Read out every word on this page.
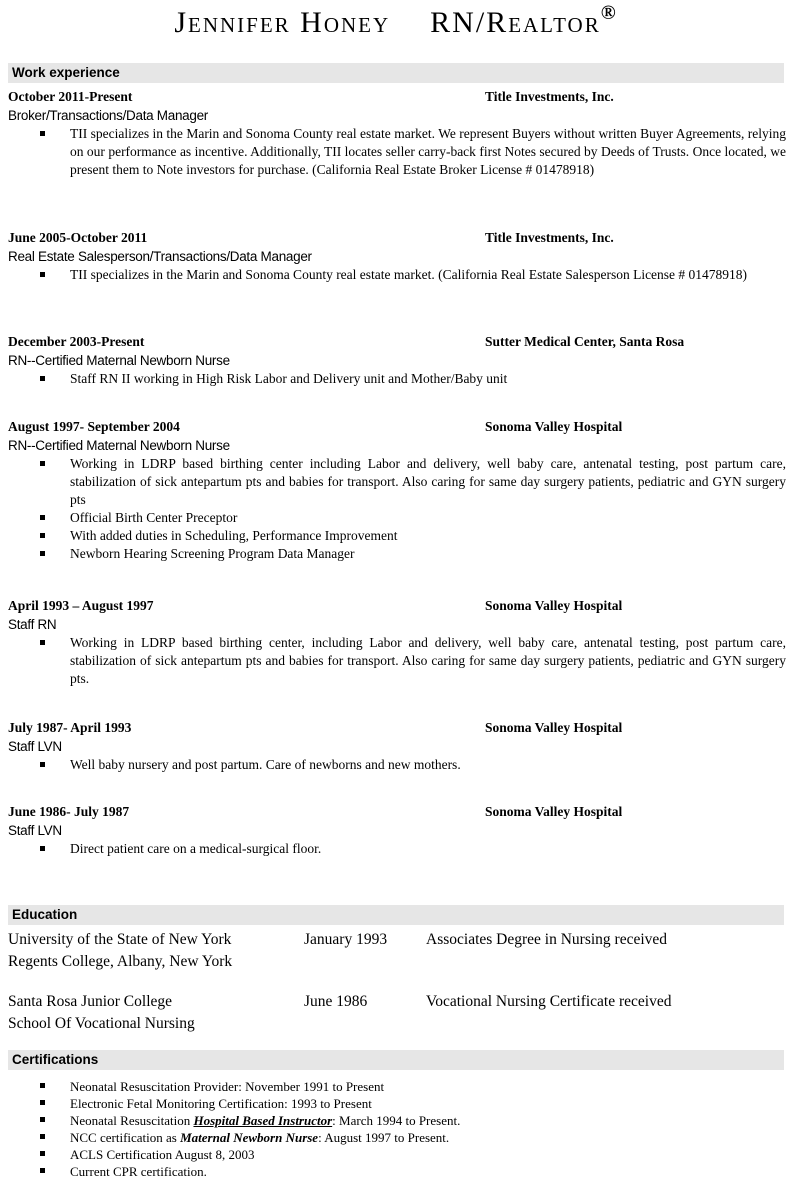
Jennifer Honey RN/Realtor®
Work experience
October 2011-Present	Title Investments, Inc.
Broker/Transactions/Data Manager
TII specializes in the Marin and Sonoma County real estate market. We represent Buyers without written Buyer Agreements, relying on our performance as incentive. Additionally, TII locates seller carry-back first Notes secured by Deeds of Trusts. Once located, we present them to Note investors for purchase. (California Real Estate Broker License # 01478918)
June 2005-October 2011	Title Investments, Inc.
Real Estate Salesperson/Transactions/Data Manager
TII specializes in the Marin and Sonoma County real estate market. (California Real Estate Salesperson License # 01478918)
December 2003-Present	Sutter Medical Center, Santa Rosa
RN--Certified Maternal Newborn Nurse
Staff RN II working in High Risk Labor and Delivery unit and Mother/Baby unit
August 1997- September 2004	Sonoma Valley Hospital
RN--Certified Maternal Newborn Nurse
Working in LDRP based birthing center including Labor and delivery, well baby care, antenatal testing, post partum care, stabilization of sick antepartum pts and babies for transport. Also caring for same day surgery patients, pediatric and GYN surgery pts
Official Birth Center Preceptor
With added duties in Scheduling, Performance Improvement
Newborn Hearing Screening Program Data Manager
April 1993 – August 1997	Sonoma Valley Hospital
Staff RN
Working in LDRP based birthing center, including Labor and delivery, well baby care, antenatal testing, post partum care, stabilization of sick antepartum pts and babies for transport. Also caring for same day surgery patients, pediatric and GYN surgery pts.
July 1987- April 1993	Sonoma Valley Hospital
Staff LVN
Well baby nursery and post partum. Care of newborns and new mothers.
June 1986- July 1987	Sonoma Valley Hospital
Staff LVN
Direct patient care on a medical-surgical floor.
Education
University of the State of New York
Regents College, Albany, New York
January 1993	Associates Degree in Nursing received
Santa Rosa Junior College
School Of Vocational Nursing
June 1986	Vocational Nursing Certificate received
Certifications
Neonatal Resuscitation Provider: November 1991 to Present
Electronic Fetal Monitoring Certification: 1993 to Present
Neonatal Resuscitation Hospital Based Instructor: March 1994 to Present.
NCC certification as Maternal Newborn Nurse: August 1997 to Present.
ACLS Certification August 8, 2003
Current CPR certification.
